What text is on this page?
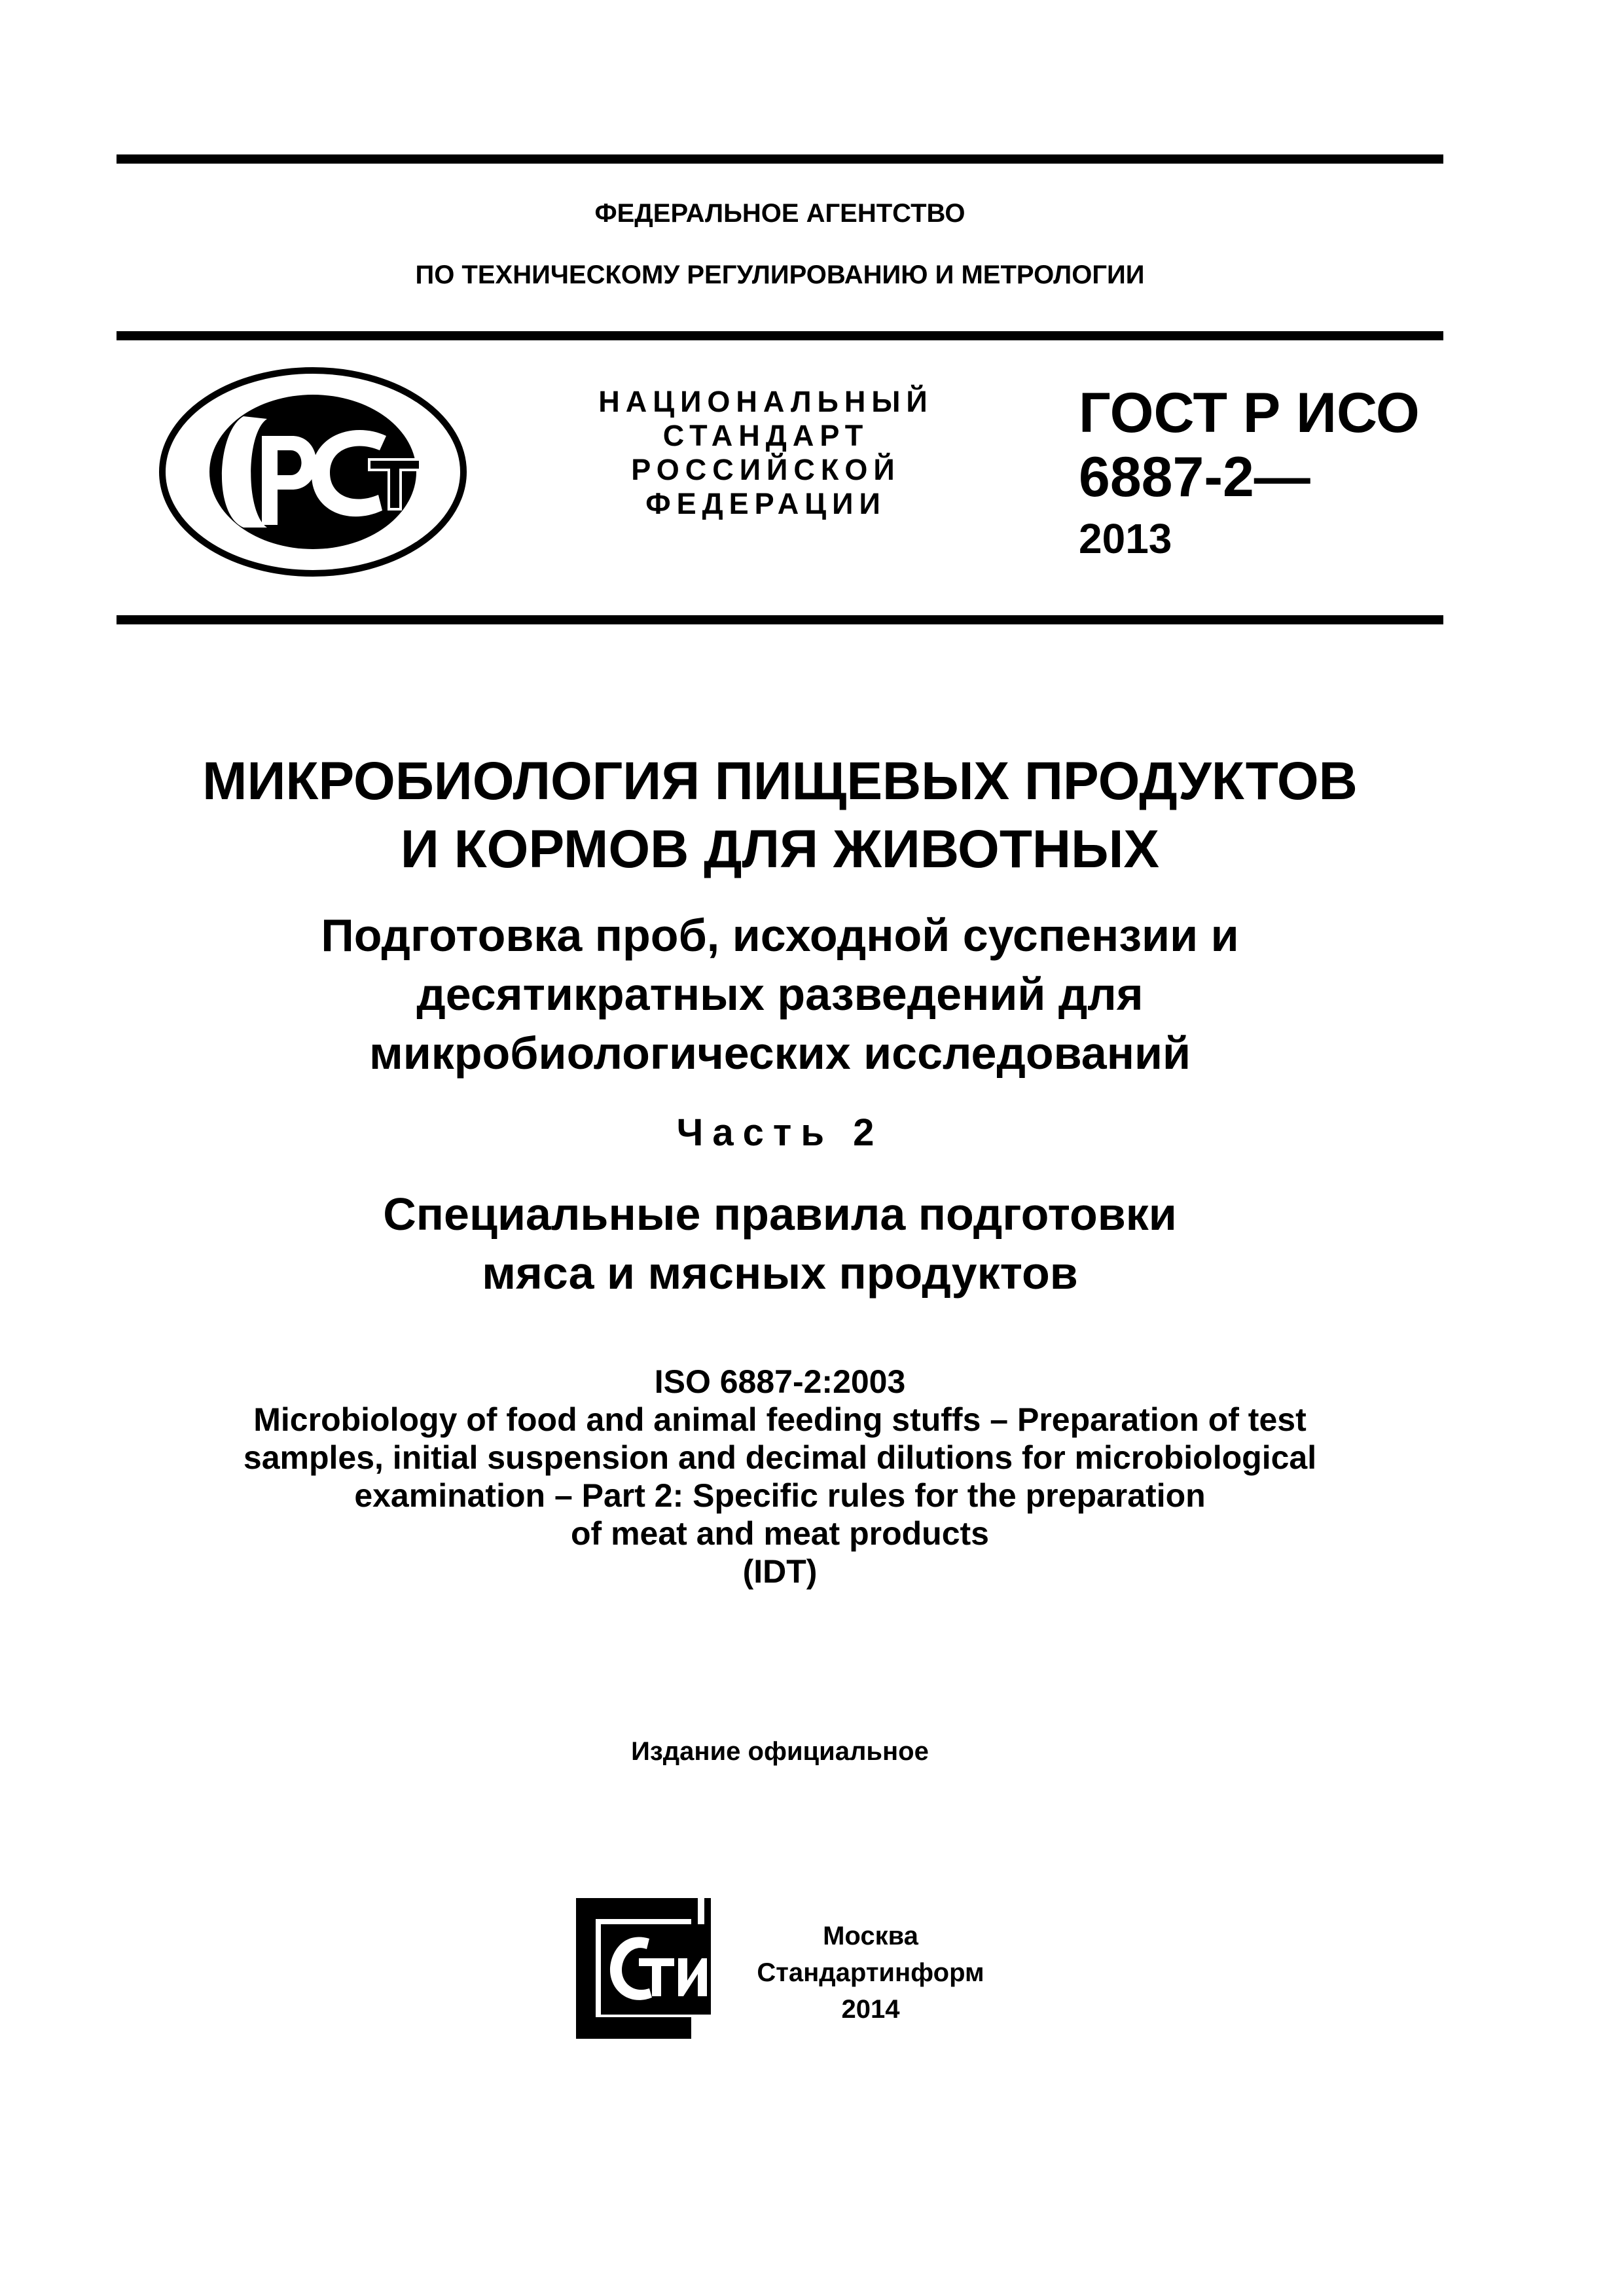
ФЕДЕРАЛЬНОЕ АГЕНТСТВО
ПО ТЕХНИЧЕСКОМУ РЕГУЛИРОВАНИЮ И МЕТРОЛОГИИ
НАЦИОНАЛЬНЫЙ
СТАНДАРТ
РОССИЙСКОЙ
ФЕДЕРАЦИИ
ГОСТ Р ИСО
6887-2—
2013
МИКРОБИОЛОГИЯ ПИЩЕВЫХ ПРОДУКТОВ
И КОРМОВ ДЛЯ ЖИВОТНЫХ
Подготовка проб, исходной суспензии и
десятикратных разведений для
микробиологических исследований
Часть 2
Специальные правила подготовки
мяса и мясных продуктов
ISO 6887-2:2003
Microbiology of food and animal feeding stuffs – Preparation of test
samples, initial suspension and decimal dilutions for microbiological
examination – Part 2: Specific rules for the preparation
of meat and meat products
(IDT)
Издание официальное
Москва
Стандартинформ
2014
